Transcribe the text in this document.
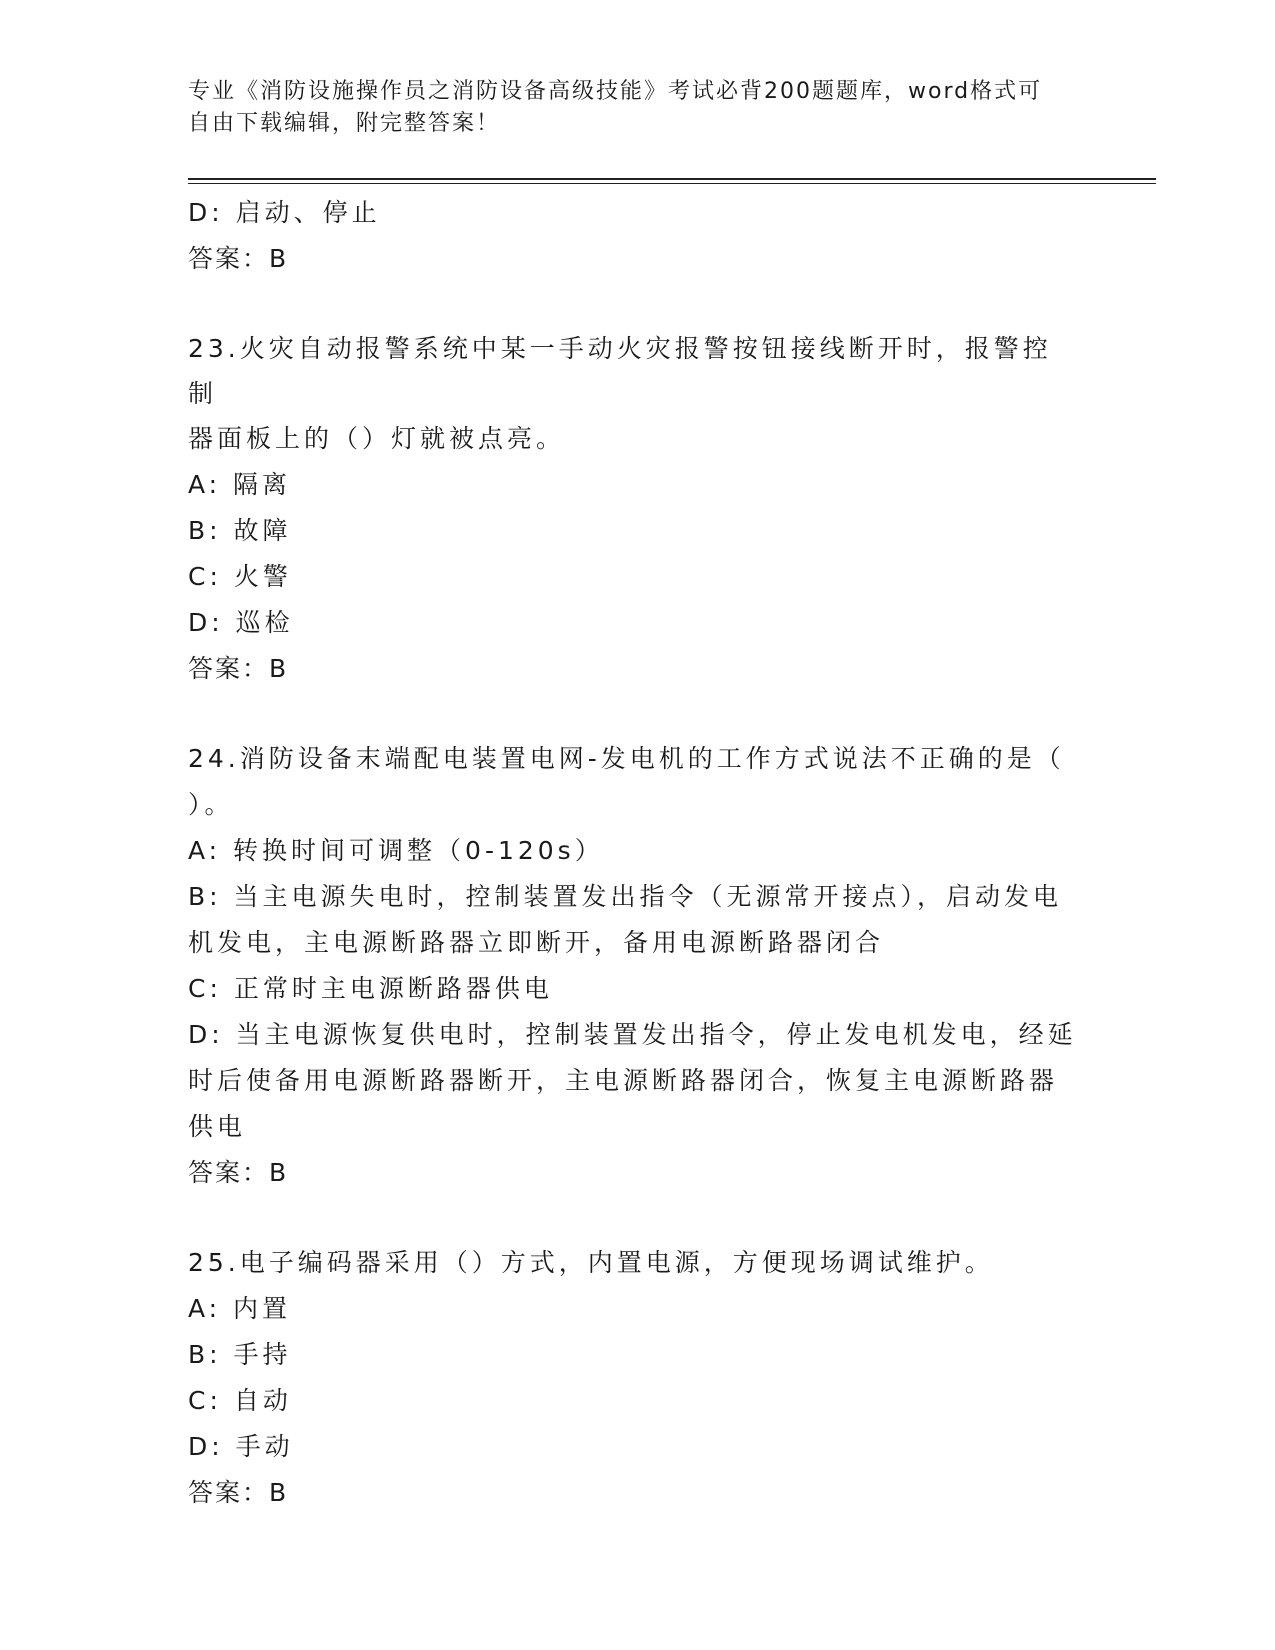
专业《消防设施操作员之消防设备高级技能》考试必背200题题库，word格式可
自由下载编辑，附完整答案！
D: 启动、停止
答案：B
23.火灾自动报警系统中某一手动火灾报警按钮接线断开时，报警控制
器面板上的（）灯就被点亮。
A: 隔离
B: 故障
C: 火警
D: 巡检
答案：B
24.消防设备末端配电装置电网-发电机的工作方式说法不正确的是（
）。
A: 转换时间可调整（0-120s）
B: 当主电源失电时，控制装置发出指令（无源常开接点），启动发电
机发电，主电源断路器立即断开，备用电源断路器闭合
C: 正常时主电源断路器供电
D: 当主电源恢复供电时，控制装置发出指令，停止发电机发电，经延
时后使备用电源断路器断开，主电源断路器闭合，恢复主电源断路器
供电
答案：B
25.电子编码器采用（）方式，内置电源，方便现场调试维护。
A: 内置
B: 手持
C: 自动
D: 手动
答案：B
